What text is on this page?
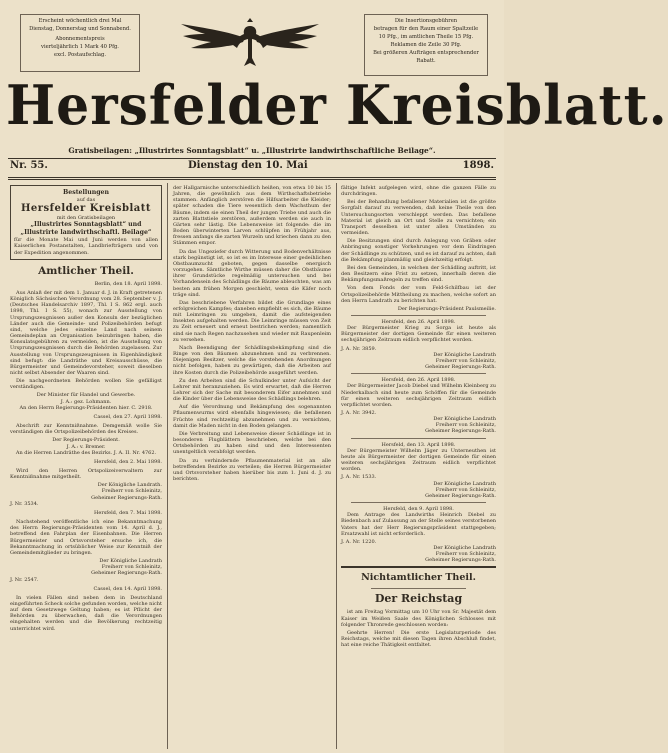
Erscheint wöchentlich drei Mal

Dienstag, Donnerstag und Sonnabend.

Abonnementspreis

vierteljährlich 1 Mark 40 Pfg.

excl. Postaufschlag.

Die Insertionsgebühren

betragen für den Raum einer Spaltzeile

10 Pfg., im amtlichen Theile 15 Pfg.

Reklamen die Zeile 30 Pfg.

Bei größeren Aufträgen entsprechender

Rabatt.

Hersfelder Kreisblatt.
Gratisbeilagen: „Illustrirtes Sonntagsblatt“ u. „Illustrirte landwirthschaftliche Beilage“.
Nr. 55.	Dienstag den 10. Mai	1898.
Bestellungen
auf das
Hersfelder Kreisblatt
mit den Gratisbeilagen
„Illustrirtes Sonntagsblatt“ und
„Illustrirte landwirthschaftl. Beilage“
für die Monate Mai und Juni werden von allen Kaiserlichen Postanstalten, Landbriefträgern und von der Expedition angenommen.

Amtlicher Theil.

Berlin, den 18. April 1898.

Aus Anlaß der mit dem 1. Januar d. J. in Kraft getretenen Königlich Sächsischen Verordnung vom 28. September v. J. (Deutsches Handelsarchiv 1897, Thl. I S. 862 ergl. auch 1898, Thl. I S. 55), wonach zur Ausstellung von Ursprungszeugnissen außer den Konsuln der bezüglichen Länder auch die Gemeinde- und Polizeibehörden befugt sind, welche jedes einzelne Land nach seinem Gemeindeplan an Organisation beizubringen haben, die Konsulatsgebühren zu vermeiden, ist die Ausstellung von Ursprungszeugnissen durch die Behörden zugelassen. Zur Ausstellung von Ursprungszeugnissen in Eigenhändigkeit sind befugt: die Landräthe und Kreisausschüsse, die Bürgermeister und Gemeindevorsteher, soweit dieselben nicht selbst Absender der Waaren sind.

Die nachgeordneten Behörden wollen Sie gefälligst verständigen.

Der Minister für Handel und Gewerbe.

J. A.: gez. Lohmann.

An den Herrn Regierungs-Präsidenten hier. C. 2918.

Cassel, den 27. April 1898.

Abschrift zur Kenntnißnahme. Demgemäß wolle Sie verständigen die Ortspolizeibehörden des Kreises.

Der Regierungs-Präsident.

J. A.: v. Bremer.

An die Herren Landräthe des Bezirks. J. A. II. Nr. 4762.

Hersfeld, den 2. Mai 1898.

Wird den Herren Ortspolizeiverwaltern zur Kenntnißnahme mitgetheilt.

Der Königliche Landrath.

Freiherr von Schleinitz,

Geheimer Regierungs-Rath.

J. Nr. 3534.

Hersfeld, den 7. Mai 1898.

Nachstehend veröffentliche ich eine Bekanntmachung des Herrn Regierungs-Präsidenten vom 14. April d. J., betreffend den Fahrplan der Eisenbahnen. Die Herren Bürgermeister und Ortsvorsteher ersuche ich, die Bekanntmachung in ortsüblicher Weise zur Kenntniß der Gemeindemitglieder zu bringen.

Der Königliche Landrath

Freiherr von Schleinitz,

Geheimer Regierungs-Rath.

J. Nr. 2547.

Cassel, den 14. April 1898.

In vielen Fällen sind neben dem in Deutschland eingeführten Scheck solche gefunden worden, welche nicht auf dem Gesetzwege Geltung haben; es ist Pflicht der Behörden zu überwachen, daß die Verordnungen eingehalten werden und die Bevölkerung rechtzeitig unterrichtet wird.

der Hallgarnische unterschiedlich heißen, von etwa 10 bis 15 Jahren, die gewöhnlich aus dem Wirthschaftsbetriebe stammen. Anfänglich zerstören die Hilfsarbeiter die Kleider; später schaden die Tiere wesentlich dem Wachsthum der Bäume, indem sie einen Theil der jungen Triebe und auch die zarten Blattstiele zerstören, außerdem werden sie auch in Gärten sehr lästig. Die Lebensweise ist folgende: die im Boden überwinterten Larven schlüpfen im Frühjahr aus, fressen anfangs die zarten Wurzeln und kriechen dann zu den Stämmen empor.

Da das Ungeziefer durch Witterung und Bodenverhältnisse stark begünstigt ist, so ist es im Interesse einer gedeihlichen Obstbaumzucht geboten, gegen dasselbe energisch vorzugehen. Sämtliche Wirthe müssen daher die Obstbäume ihrer Grundstücke regelmäßig untersuchen und bei Vorhandensein des Schädlings die Bäume ableuchten, was am besten am frühen Morgen geschieht, wenn die Käfer noch träge sind.

Das beschriebene Verfahren bildet die Grundlage eines erfolgreichen Kampfes; daneben empfiehlt es sich, die Bäume mit Leimringen zu umgeben, damit die aufsteigenden Insekten aufgehalten werden. Die Leimringe müssen von Zeit zu Zeit erneuert und erneut bestrichen werden; namentlich sind sie nach Regen nachzusehen und wieder mit Raupenleim zu versehen.

Nach Beendigung der Schädlingsbekämpfung sind die Ringe von den Bäumen abzunehmen und zu verbrennen. Diejenigen Besitzer, welche die vorstehenden Anordnungen nicht befolgen, haben zu gewärtigen, daß die Arbeiten auf ihre Kosten durch die Polizeibehörde ausgeführt werden.

Zu den Arbeiten sind die Schulkinder unter Aufsicht der Lehrer mit heranzuziehen. Es wird erwartet, daß die Herren Lehrer sich der Sache mit besonderem Eifer annehmen und die Kinder über die Lebensweise des Schädlings belehren.

Auf die Verordnung und Bekämpfung des sogenannten Pflaumenwurms wird ebenfalls hingewiesen; die befallenen Früchte sind rechtzeitig abzunehmen und zu vernichten, damit die Maden nicht in den Boden gelangen.

Die Verbreitung und Lebensweise dieser Schädlinge ist in besonderen Flugblättern beschrieben, welche bei den Ortsbehörden zu haben sind und den Interessenten unentgeltlich verabfolgt werden.

Da zu verhindernde Pflaumenmaterial ist an alle betreffenden Bezirke zu verteilen; die Herren Bürgermeister und Ortsvorsteher haben hierüber bis zum 1. Juni d. J. zu berichten.

fältige Infekt aufgelegen wird, ohne die ganzen Fälle zu durchdringen.

Bei der Behandlung befallener Materialien ist die größte Sorgfalt darauf zu verwenden, daß keine Theile von den Untersuchungsorten verschleppt werden. Das befallene Material ist gleich an Ort und Stelle zu vernichten; ein Transport desselben ist unter allen Umständen zu vermeiden.

Die Besitzungen sind durch Anlegung von Gräben oder Anbringung sonstiger Vorkehrungen vor dem Eindringen der Schädlinge zu schützen, und es ist darauf zu achten, daß die Bekämpfung planmäßig und gleichzeitig erfolgt.

Bei den Gemeinden, in welchen der Schädling auftritt, ist den Besitzern eine Frist zu setzen, innerhalb deren die Bekämpfungsmaßregeln zu treffen sind.

Von dem Fonds der vom Feld-Schilfbau ist der Ortspolizeibehörde Mittheilung zu machen, welche sofort an den Herrn Landrath zu berichten hat.

Der Regierungs-Präsident Paulsmeilie.

Hersfeld, den 26. April 1898.

Der Bürgermeister Krieg zu Sorga ist heute als Bürgermeister der dortigen Gemeinde für einen weiteren sechsjährigen Zeitraum eidlich verpflichtet worden.

J. A. Nr. 3859.

Der Königliche Landrath

Freiherr von Schleinitz,

Geheimer Regierungs-Rath.

Hersfeld, den 26. April 1898.

Der Bürgermeister Jacob Diebel und Wilhelm Kleinberg zu Niederkalbach sind heute zum Schöffen für die Gemeinde für einen weiteren sechsjährigen Zeitraum eidlich verpflichtet worden.

J. A. Nr. 3942.

Der Königliche Landrath

Freiherr von Schleinitz,

Geheimer Regierungs-Rath.

Hersfeld, den 13. April 1898.

Der Bürgermeister Wilhelm Jäger zu Unterneuthen ist heute als Bürgermeister der dortigen Gemeinde für einen weiteren sechsjährigen Zeitraum eidlich verpflichtet worden.

J. A. Nr. 1533.

Der Königliche Landrath

Freiherr von Schleinitz,

Geheimer Regierungs-Rath.

Hersfeld, den 9. April 1898.

Dem Antrage des Landwirths Heinrich Diebel zu Biedenbach auf Zulassung an der Stelle seines verstorbenen Vaters hat der Herr Regierungspräsident stattgegeben; Ersatzwahl ist nicht erforderlich.

J. A. Nr. 1220.

Der Königliche Landrath

Freiherr von Schleinitz,

Geheimer Regierungs-Rath.

Nichtamtlicher Theil.

Der Reichstag

ist am Freitag Vormittag um 10 Uhr von Sr. Majestät dem Kaiser im Weißen Saale des Königlichen Schlosses mit folgender Thronrede geschlossen worden:

Geehrte Herren! Die erste Legislaturperiode des Reichstags, welche mit diesen Tagen ihren Abschluß findet, hat eine reiche Thätigkeit entfaltet.
